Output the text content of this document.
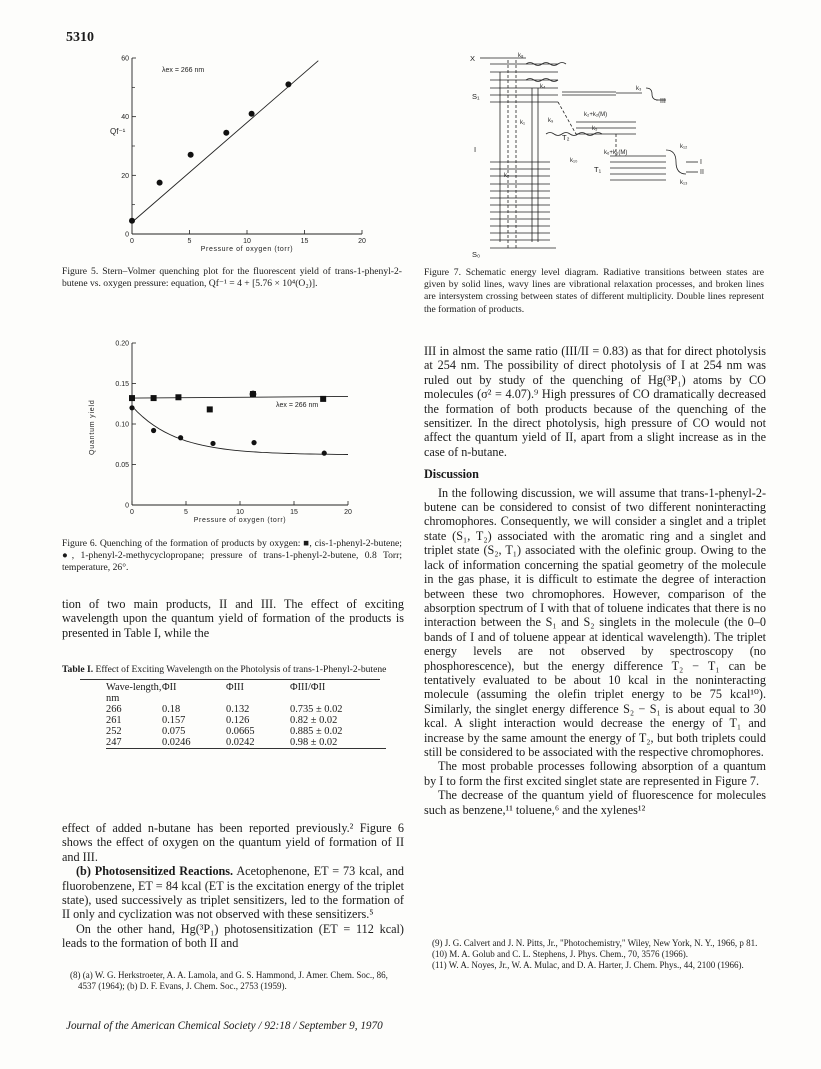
5310
0	5	10	15	20
0
20
40
60
Pressure of oxygen (torr)
Qf⁻¹
λex = 266 nm
Figure 5. Stern–Volmer quenching plot for the fluorescent yield of trans-1-phenyl-2-butene vs. oxygen pressure: equation, Qf⁻¹ = 4 + [5.76 × 10⁴(O₂)].
0	5	10	15	20
0
0.05
0.10
0.15
0.20
Pressure of oxygen (torr)
Quantum yield	λex = 266 nm
Figure 6. Quenching of the formation of products by oxygen: ■, cis-1-phenyl-2-butene; ●, 1-phenyl-2-methycyclopropane; pressure of trans-1-phenyl-2-butene, 0.8 Torr; temperature, 26°.

tion of two main products, II and III. The effect of exciting wavelength upon the quantum yield of formation of the products is presented in Table I, while the

Table I. Effect of Exciting Wavelength on the Photolysis of trans-1-Phenyl-2-butene
Wave-length, nm	ΦII	ΦIII	ΦIII/ΦII
266	0.18	0.132	0.735 ± 0.02
261	0.157	0.126	0.82 ± 0.02
252	0.075	0.0665	0.885 ± 0.02
247	0.0246	0.0242	0.98 ± 0.02

effect of added n-butane has been reported previously.² Figure 6 shows the effect of oxygen on the quantum yield of formation of II and III.

(b) Photosensitized Reactions. Acetophenone, ET = 73 kcal, and fluorobenzene, ET = 84 kcal (ET is the excitation energy of the triplet state), used successively as triplet sensitizers, led to the formation of II only and cyclization was not observed with these sensitizers.⁵

On the other hand, Hg(³P₁) photosensitization (ET = 112 kcal) leads to the formation of both II and

(8) (a) W. G. Herkstroeter, A. A. Lamola, and G. S. Hammond, J. Amer. Chem. Soc., 86, 4537 (1964); (b) D. F. Evans, J. Chem. Soc., 2753 (1959).
X
S₁
S₀
I
T₂
T₁
k₈
k₄
k₁
k₇
k₉
k₃
III
k₂+k₂(M)
k₅
k₆+k₆(M)
k₁₀
k₁₂
k₁₃
I
II
Figure 7. Schematic energy level diagram. Radiative transitions between states are given by solid lines, wavy lines are vibrational relaxation processes, and broken lines are intersystem crossing between states of different multiplicity. Double lines represent the formation of products.

III in almost the same ratio (III/II = 0.83) as that for direct photolysis at 254 nm. The possibility of direct photolysis of I at 254 nm was ruled out by study of the quenching of Hg(³P₁) atoms by CO molecules (σ² = 4.07).⁹ High pressures of CO dramatically decreased the formation of both products because of the quenching of the sensitizer. In the direct photolysis, high pressure of CO would not affect the quantum yield of II, apart from a slight increase as in the case of n-butane.

Discussion

In the following discussion, we will assume that trans-1-phenyl-2-butene can be considered to consist of two different noninteracting chromophores. Consequently, we will consider a singlet and a triplet state (S₁, T₂) associated with the aromatic ring and a singlet and triplet state (S₂, T₁) associated with the olefinic group. Owing to the lack of information concerning the spatial geometry of the molecule in the gas phase, it is difficult to estimate the degree of interaction between these two chromophores. However, comparison of the absorption spectrum of I with that of toluene indicates that there is no interaction between the S₁ and S₂ singlets in the molecule (the 0–0 bands of I and of toluene appear at identical wavelength). The triplet energy levels are not observed by spectroscopy (no phosphorescence), but the energy difference T₂ − T₁ can be tentatively evaluated to be about 10 kcal in the noninteracting molecule (assuming the olefin triplet energy to be 75 kcal¹⁰). Similarly, the singlet energy difference S₂ − S₁ is about equal to 30 kcal. A slight interaction would decrease the energy of T₁ and increase by the same amount the energy of T₂, but both triplets could still be considered to be associated with the respective chromophores.

The most probable processes following absorption of a quantum by I to form the first excited singlet state are represented in Figure 7.

The decrease of the quantum yield of fluorescence for molecules such as benzene,¹¹ toluene,⁶ and the xylenes¹²

(9) J. G. Calvert and J. N. Pitts, Jr., "Photochemistry," Wiley, New York, N. Y., 1966, p 81.
(10) M. A. Golub and C. L. Stephens, J. Phys. Chem., 70, 3576 (1966).
(11) W. A. Noyes, Jr., W. A. Mulac, and D. A. Harter, J. Chem. Phys., 44, 2100 (1966).
Journal of the American Chemical Society / 92:18 / September 9, 1970
